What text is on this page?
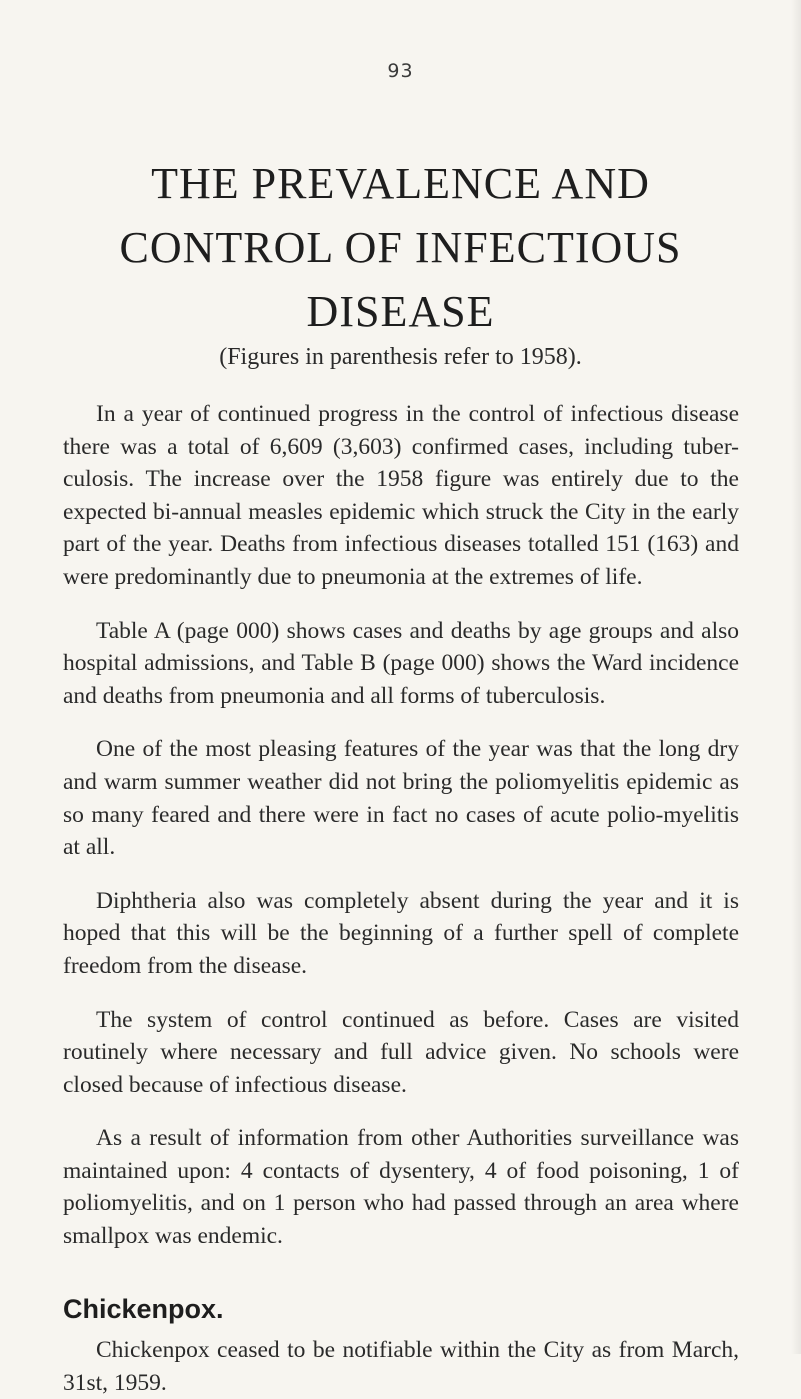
93
THE PREVALENCE AND
CONTROL OF INFECTIOUS
DISEASE

(Figures in parenthesis refer to 1958).

In a year of continued progress in the control of infectious disease there was a total of 6,609 (3,603) confirmed cases, including tuber-culosis. The increase over the 1958 figure was entirely due to the expected bi-annual measles epidemic which struck the City in the early part of the year. Deaths from infectious diseases totalled 151 (163) and were predominantly due to pneumonia at the extremes of life.

Table A (page 000) shows cases and deaths by age groups and also hospital admissions, and Table B (page 000) shows the Ward incidence and deaths from pneumonia and all forms of tuberculosis.

One of the most pleasing features of the year was that the long dry and warm summer weather did not bring the poliomyelitis epidemic as so many feared and there were in fact no cases of acute polio-myelitis at all.

Diphtheria also was completely absent during the year and it is hoped that this will be the beginning of a further spell of complete freedom from the disease.

The system of control continued as before. Cases are visited routinely where necessary and full advice given. No schools were closed because of infectious disease.

As a result of information from other Authorities surveillance was maintained upon: 4 contacts of dysentery, 4 of food poisoning, 1 of poliomyelitis, and on 1 person who had passed through an area where smallpox was endemic.

Chickenpox.

Chickenpox ceased to be notifiable within the City as from March, 31st, 1959.
